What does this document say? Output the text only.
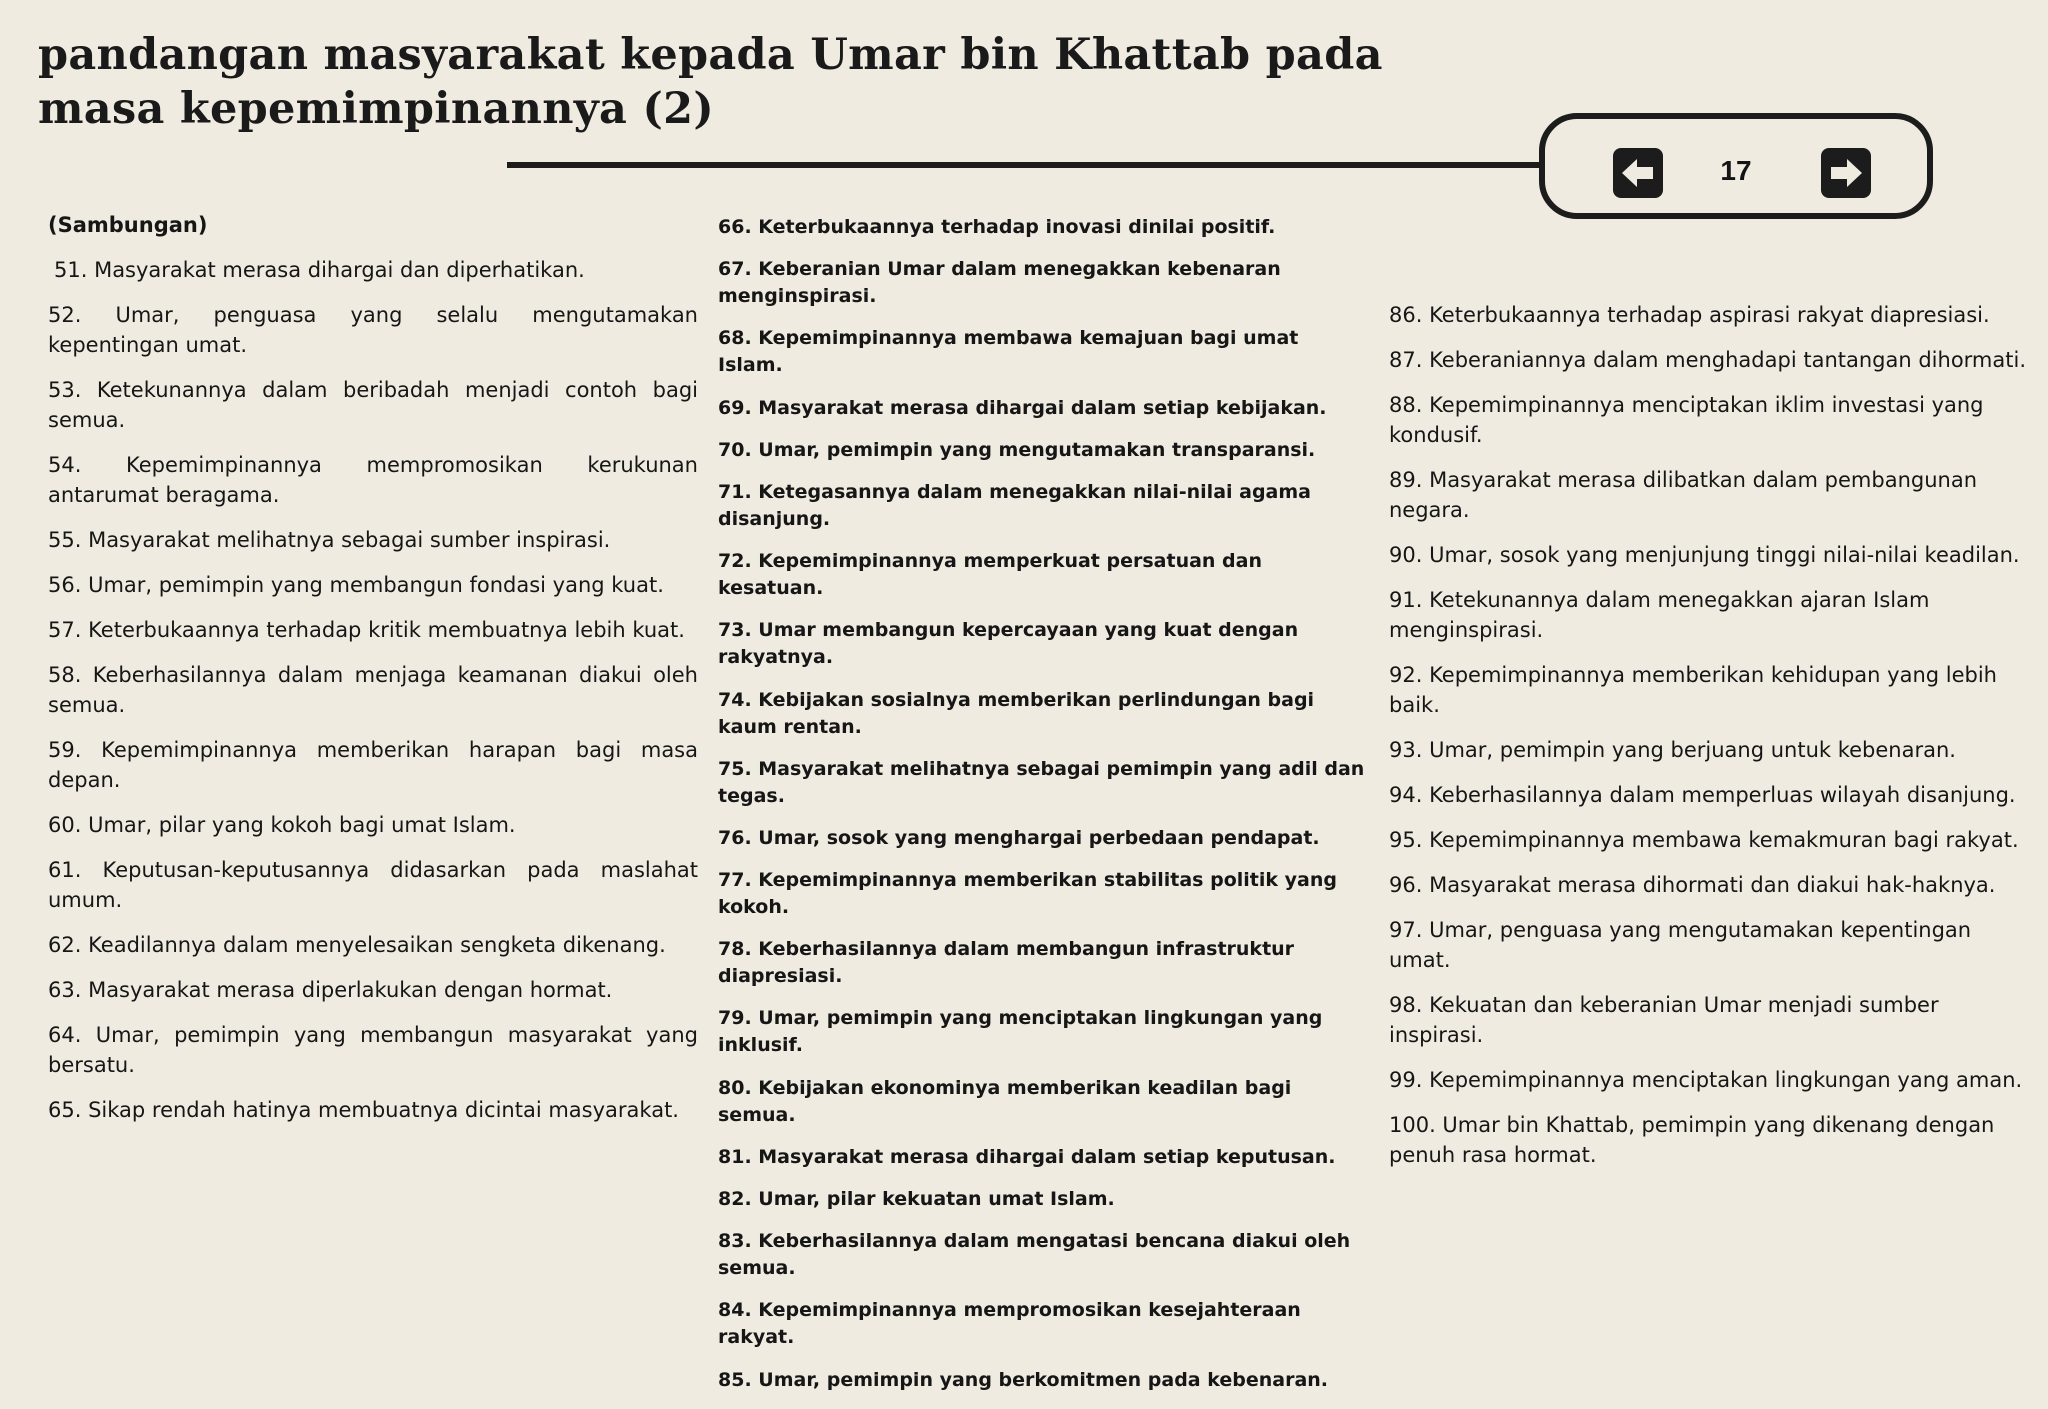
pandangan masyarakat kepada Umar bin Khattab pada
masa kepemimpinannya (2)
17
(Sambungan)
51. Masyarakat merasa dihargai dan diperhatikan.
52. Umar, penguasa yang selalu mengutamakan kepentingan umat.
53. Ketekunannya dalam beribadah menjadi contoh bagi semua.
54. Kepemimpinannya mempromosikan kerukunan antarumat beragama.
55. Masyarakat melihatnya sebagai sumber inspirasi.
56. Umar, pemimpin yang membangun fondasi yang kuat.
57. Keterbukaannya terhadap kritik membuatnya lebih kuat.
58. Keberhasilannya dalam menjaga keamanan diakui oleh semua.
59. Kepemimpinannya memberikan harapan bagi masa depan.
60. Umar, pilar yang kokoh bagi umat Islam.
61. Keputusan-keputusannya didasarkan pada maslahat umum.
62. Keadilannya dalam menyelesaikan sengketa dikenang.
63. Masyarakat merasa diperlakukan dengan hormat.
64. Umar, pemimpin yang membangun masyarakat yang bersatu.
65. Sikap rendah hatinya membuatnya dicintai masyarakat.
66. Keterbukaannya terhadap inovasi dinilai positif.
67. Keberanian Umar dalam menegakkan kebenaran menginspirasi.
68. Kepemimpinannya membawa kemajuan bagi umat Islam.
69. Masyarakat merasa dihargai dalam setiap kebijakan.
70. Umar, pemimpin yang mengutamakan transparansi.
71. Ketegasannya dalam menegakkan nilai-nilai agama disanjung.
72. Kepemimpinannya memperkuat persatuan dan kesatuan.
73. Umar membangun kepercayaan yang kuat dengan rakyatnya.
74. Kebijakan sosialnya memberikan perlindungan bagi kaum rentan.
75. Masyarakat melihatnya sebagai pemimpin yang adil dan tegas.
76. Umar, sosok yang menghargai perbedaan pendapat.
77. Kepemimpinannya memberikan stabilitas politik yang kokoh.
78. Keberhasilannya dalam membangun infrastruktur diapresiasi.
79. Umar, pemimpin yang menciptakan lingkungan yang inklusif.
80. Kebijakan ekonominya memberikan keadilan bagi semua.
81. Masyarakat merasa dihargai dalam setiap keputusan.
82. Umar, pilar kekuatan umat Islam.
83. Keberhasilannya dalam mengatasi bencana diakui oleh semua.
84. Kepemimpinannya mempromosikan kesejahteraan rakyat.
85. Umar, pemimpin yang berkomitmen pada kebenaran.
86. Keterbukaannya terhadap aspirasi rakyat diapresiasi.
87. Keberaniannya dalam menghadapi tantangan dihormati.
88. Kepemimpinannya menciptakan iklim investasi yang kondusif.
89. Masyarakat merasa dilibatkan dalam pembangunan negara.
90. Umar, sosok yang menjunjung tinggi nilai-nilai keadilan.
91. Ketekunannya dalam menegakkan ajaran Islam menginspirasi.
92. Kepemimpinannya memberikan kehidupan yang lebih baik.
93. Umar, pemimpin yang berjuang untuk kebenaran.
94. Keberhasilannya dalam memperluas wilayah disanjung.
95. Kepemimpinannya membawa kemakmuran bagi rakyat.
96. Masyarakat merasa dihormati dan diakui hak-haknya.
97. Umar, penguasa yang mengutamakan kepentingan umat.
98. Kekuatan dan keberanian Umar menjadi sumber inspirasi.
99. Kepemimpinannya menciptakan lingkungan yang aman.
100. Umar bin Khattab, pemimpin yang dikenang dengan penuh rasa hormat.
